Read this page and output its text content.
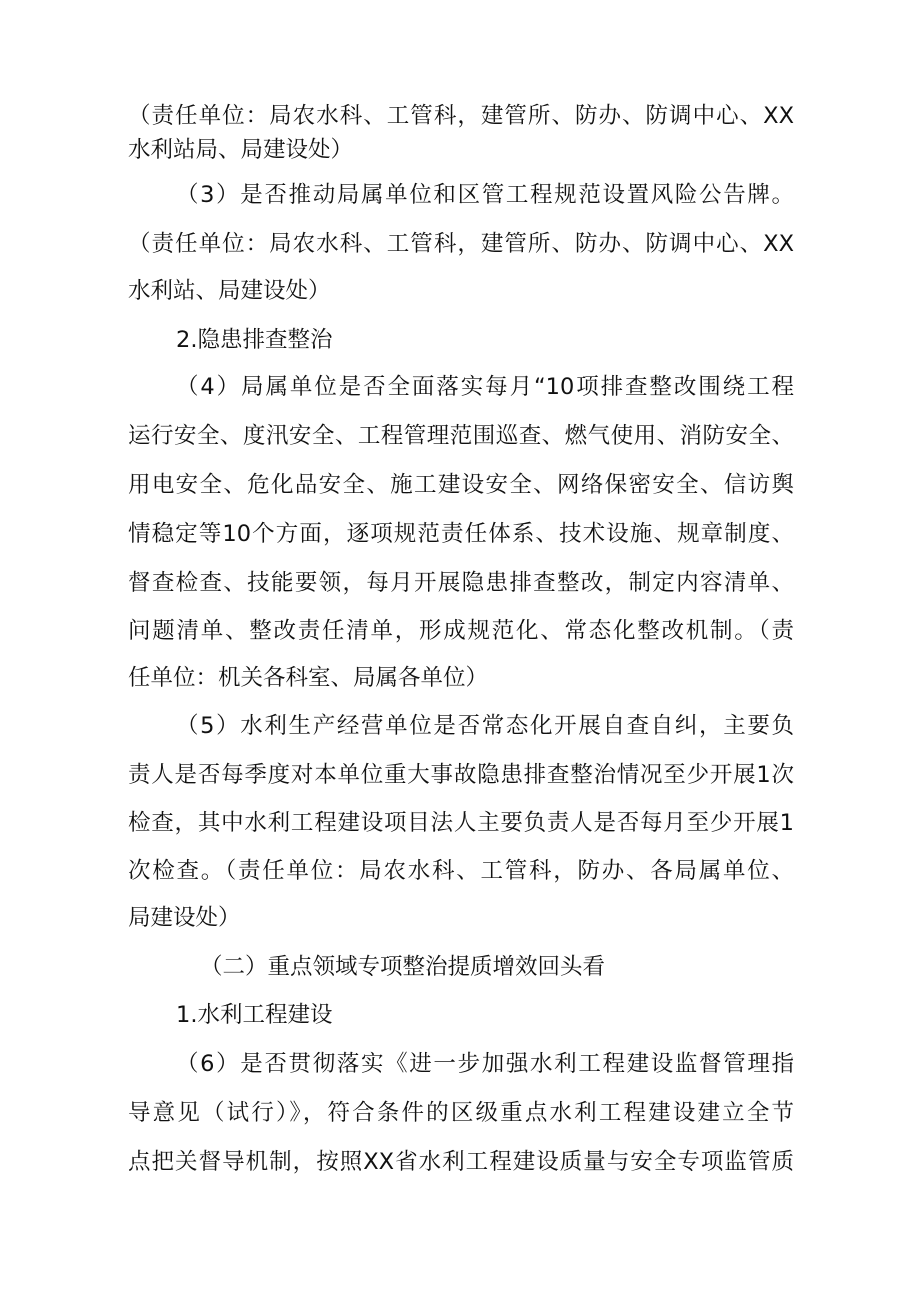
（责任单位：局农水科、工管科，建管所、防办、防调中心、XX
水利站局、局建设处）
（3）是否推动局属单位和区管工程规范设置风险公告牌。
（责任单位：局农水科、工管科，建管所、防办、防调中心、XX
水利站、局建设处）
2.隐患排查整治
（4）局属单位是否全面落实每月“10项排查整改围绕工程
运行安全、度汛安全、工程管理范围巡查、燃气使用、消防安全、
用电安全、危化品安全、施工建设安全、网络保密安全、信访舆
情稳定等10个方面，逐项规范责任体系、技术设施、规章制度、
督查检查、技能要领，每月开展隐患排查整改，制定内容清单、
问题清单、整改责任清单，形成规范化、常态化整改机制。（责
任单位：机关各科室、局属各单位）
（5）水利生产经营单位是否常态化开展自查自纠，主要负
责人是否每季度对本单位重大事故隐患排查整治情况至少开展1次
检查，其中水利工程建设项目法人主要负责人是否每月至少开展1
次检查。（责任单位：局农水科、工管科，防办、各局属单位、
局建设处）
（二）重点领域专项整治提质增效回头看
1.水利工程建设
（6）是否贯彻落实《进一步加强水利工程建设监督管理指
导意见（试行）》，符合条件的区级重点水利工程建设建立全节
点把关督导机制，按照XX省水利工程建设质量与安全专项监管质
